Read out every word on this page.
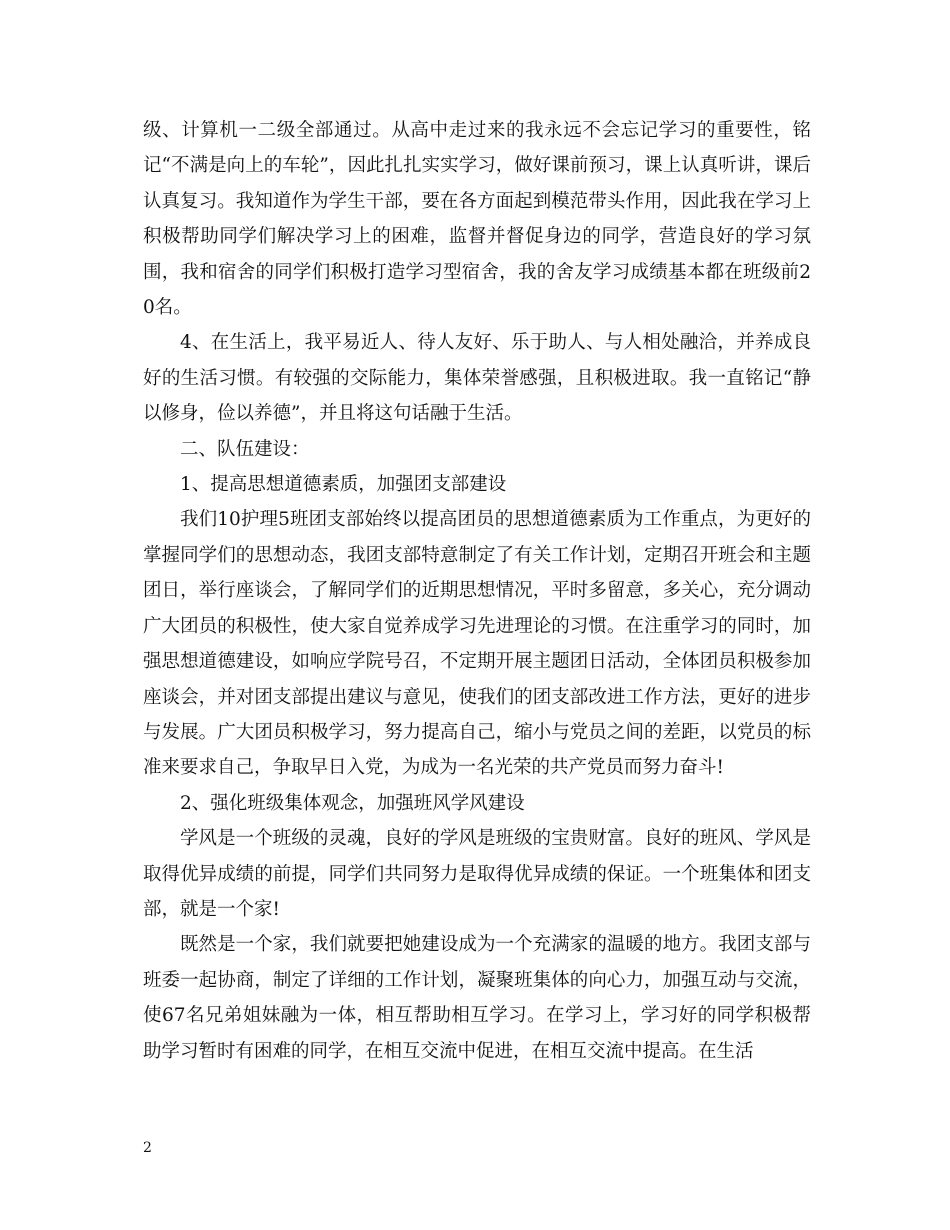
级、计算机一二级全部通过。从高中走过来的我永远不会忘记学习的重要性，铭记“不满是向上的车轮”，因此扎扎实实学习，做好课前预习，课上认真听讲，课后认真复习。我知道作为学生干部，要在各方面起到模范带头作用，因此我在学习上积极帮助同学们解决学习上的困难，监督并督促身边的同学，营造良好的学习氛围，我和宿舍的同学们积极打造学习型宿舍，我的舍友学习成绩基本都在班级前20名。

4、在生活上，我平易近人、待人友好、乐于助人、与人相处融洽，并养成良好的生活习惯。有较强的交际能力，集体荣誉感强，且积极进取。我一直铭记“静以修身，俭以养德”，并且将这句话融于生活。

二、队伍建设：

1、提高思想道德素质，加强团支部建设

我们10护理5班团支部始终以提高团员的思想道德素质为工作重点，为更好的掌握同学们的思想动态，我团支部特意制定了有关工作计划，定期召开班会和主题团日，举行座谈会，了解同学们的近期思想情况，平时多留意，多关心，充分调动广大团员的积极性，使大家自觉养成学习先进理论的习惯。在注重学习的同时，加强思想道德建设，如响应学院号召，不定期开展主题团日活动，全体团员积极参加座谈会，并对团支部提出建议与意见，使我们的团支部改进工作方法，更好的进步与发展。广大团员积极学习，努力提高自己，缩小与党员之间的差距，以党员的标准来要求自己，争取早日入党，为成为一名光荣的共产党员而努力奋斗!

2、强化班级集体观念，加强班风学风建设

学风是一个班级的灵魂，良好的学风是班级的宝贵财富。良好的班风、学风是取得优异成绩的前提，同学们共同努力是取得优异成绩的保证。一个班集体和团支部，就是一个家!

既然是一个家，我们就要把她建设成为一个充满家的温暖的地方。我团支部与班委一起协商，制定了详细的工作计划，凝聚班集体的向心力，加强互动与交流，使67名兄弟姐妹融为一体，相互帮助相互学习。在学习上，学习好的同学积极帮助学习暂时有困难的同学，在相互交流中促进，在相互交流中提高。在生活

2
